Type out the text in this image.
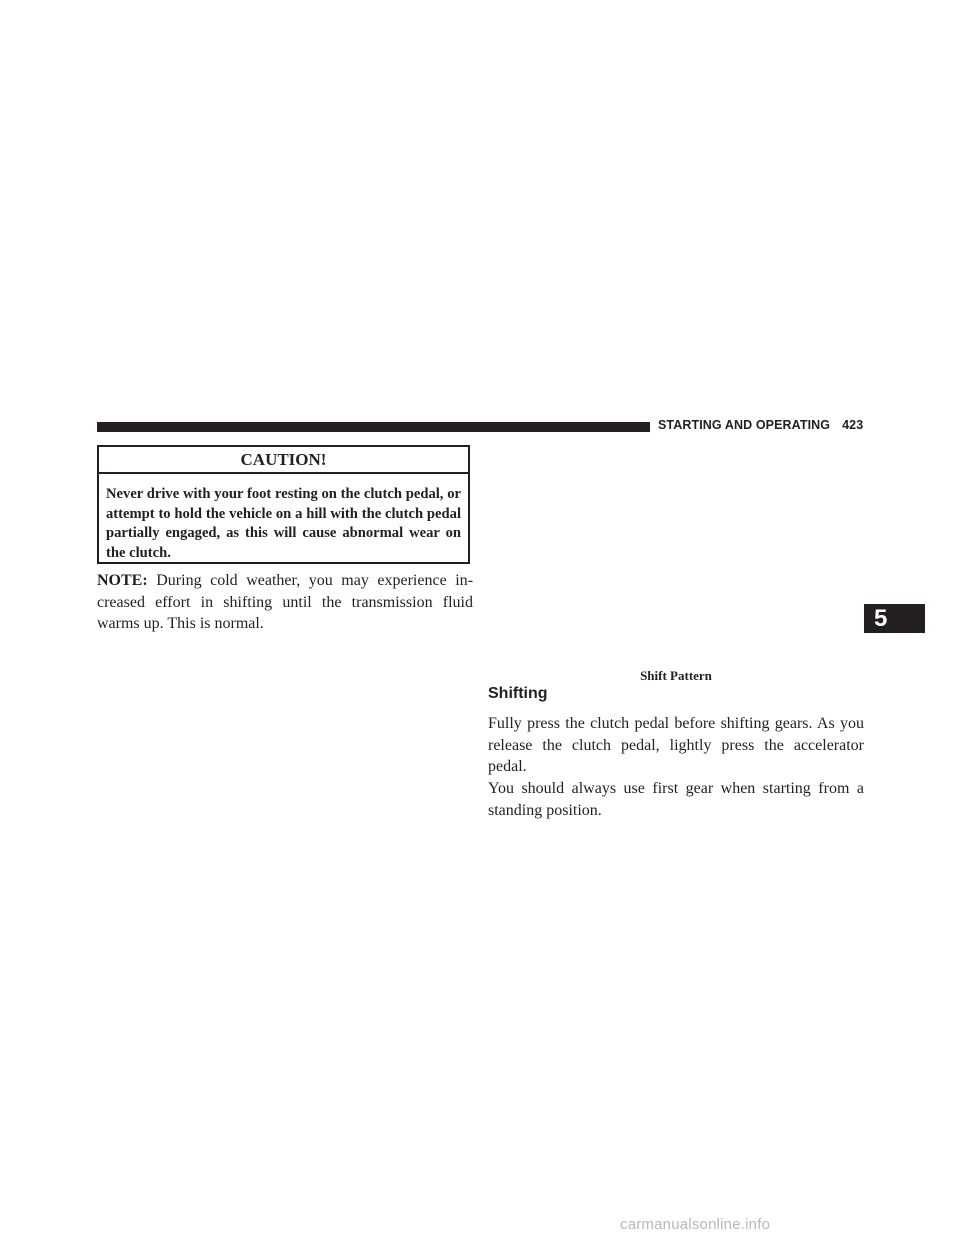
STARTING AND OPERATING 423
CAUTION!
Never drive with your foot resting on the clutch pedal, or attempt to hold the vehicle on a hill with the clutch pedal partially engaged, as this will cause abnormal wear on the clutch.
NOTE: During cold weather, you may experience increased effort in shifting until the transmission fluid warms up. This is normal.
Shift Pattern
Shifting
Fully press the clutch pedal before shifting gears. As you release the clutch pedal, lightly press the accelerator pedal.
You should always use first gear when starting from a standing position.
5
carmanualsonline.info
